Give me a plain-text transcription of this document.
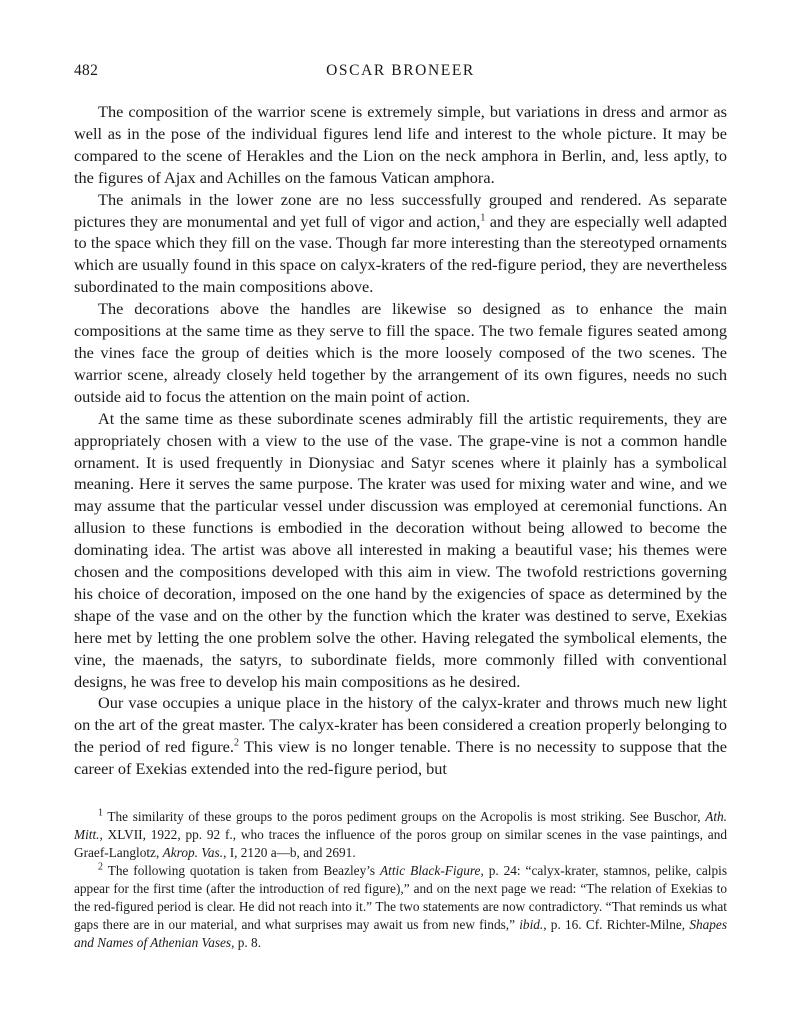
482	OSCAR BRONEER

The composition of the warrior scene is extremely simple, but variations in dress and armor as well as in the pose of the individual figures lend life and interest to the whole picture. It may be compared to the scene of Herakles and the Lion on the neck amphora in Berlin, and, less aptly, to the figures of Ajax and Achilles on the famous Vatican amphora.

The animals in the lower zone are no less successfully grouped and rendered. As separate pictures they are monumental and yet full of vigor and action,$^1$ and they are especially well adapted to the space which they fill on the vase. Though far more interesting than the stereotyped ornaments which are usually found in this space on calyx-kraters of the red-figure period, they are nevertheless subordinated to the main compositions above.

The decorations above the handles are likewise so designed as to enhance the main compositions at the same time as they serve to fill the space. The two female figures seated among the vines face the group of deities which is the more loosely composed of the two scenes. The warrior scene, already closely held together by the arrangement of its own figures, needs no such outside aid to focus the attention on the main point of action.

At the same time as these subordinate scenes admirably fill the artistic requirements, they are appropriately chosen with a view to the use of the vase. The grape-vine is not a common handle ornament. It is used frequently in Dionysiac and Satyr scenes where it plainly has a symbolical meaning. Here it serves the same purpose. The krater was used for mixing water and wine, and we may assume that the particular vessel under discussion was employed at ceremonial functions. An allusion to these functions is embodied in the decoration without being allowed to become the dominating idea. The artist was above all interested in making a beautiful vase; his themes were chosen and the compositions developed with this aim in view. The twofold restrictions governing his choice of decoration, imposed on the one hand by the exigencies of space as determined by the shape of the vase and on the other by the function which the krater was destined to serve, Exekias here met by letting the one problem solve the other. Having relegated the symbolical elements, the vine, the maenads, the satyrs, to subordinate fields, more commonly filled with conventional designs, he was free to develop his main compositions as he desired.

Our vase occupies a unique place in the history of the calyx-krater and throws much new light on the art of the great master. The calyx-krater has been considered a creation properly belonging to the period of red figure.$^2$ This view is no longer tenable. There is no necessity to suppose that the career of Exekias extended into the red-figure period, but

$^1$ The similarity of these groups to the poros pediment groups on the Acropolis is most striking. See Buschor, Ath. Mitt., XLVII, 1922, pp. 92 f., who traces the influence of the poros group on similar scenes in the vase paintings, and Graef-Langlotz, Akrop. Vas., I, 2120 a—b, and 2691.

$^2$ The following quotation is taken from Beazley’s Attic Black-Figure, p. 24: “calyx-krater, stamnos, pelike, calpis appear for the first time (after the introduction of red figure),” and on the next page we read: “The relation of Exekias to the red-figured period is clear. He did not reach into it.” The two statements are now contradictory. “That reminds us what gaps there are in our material, and what surprises may await us from new finds,” ibid., p. 16. Cf. Richter-Milne, Shapes and Names of Athenian Vases, p. 8.
